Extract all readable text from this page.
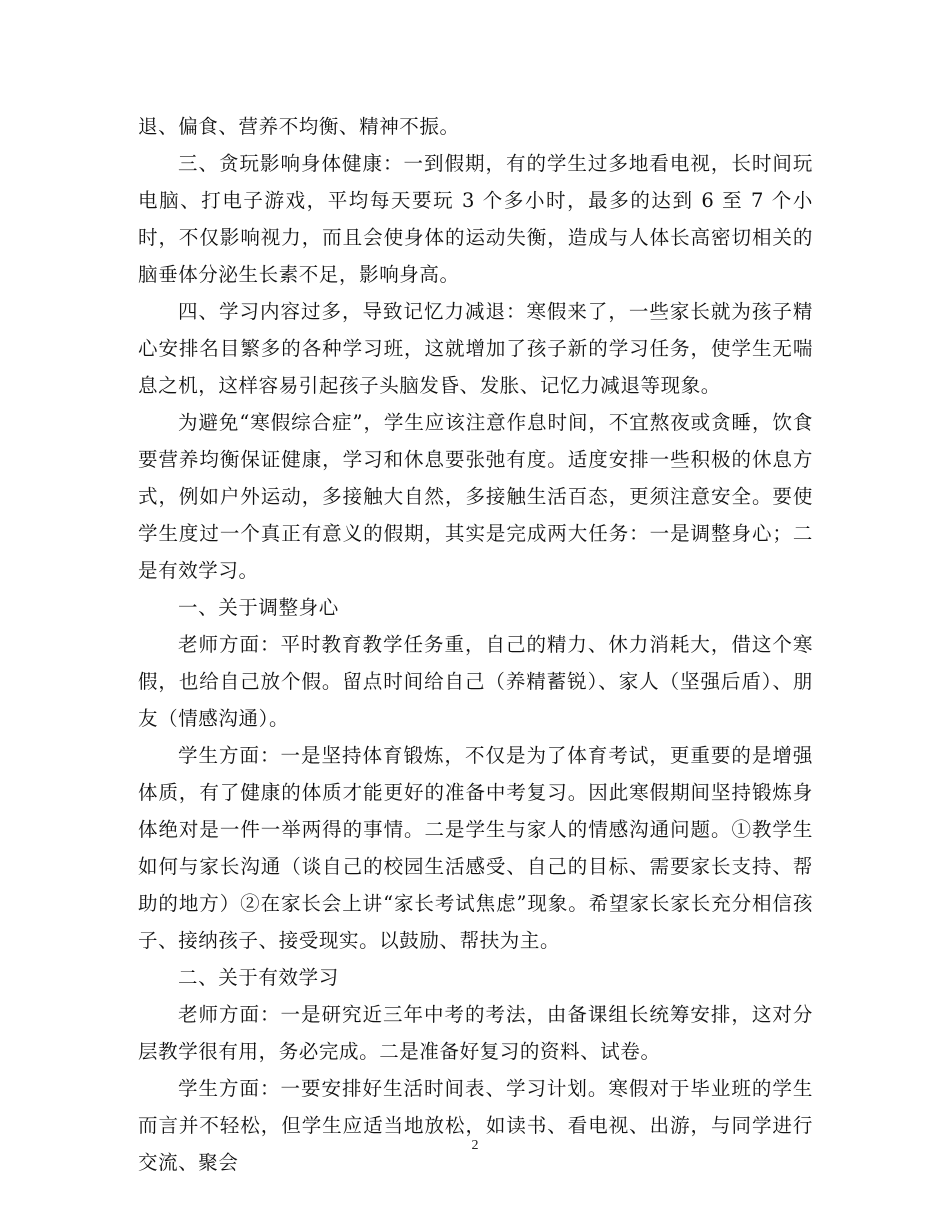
退、偏食、营养不均衡、精神不振。

三、贪玩影响身体健康：一到假期，有的学生过多地看电视，长时间玩电脑、打电子游戏，平均每天要玩 3 个多小时，最多的达到 6 至 7 个小时，不仅影响视力，而且会使身体的运动失衡，造成与人体长高密切相关的脑垂体分泌生长素不足，影响身高。

四、学习内容过多，导致记忆力减退：寒假来了，一些家长就为孩子精心安排名目繁多的各种学习班，这就增加了孩子新的学习任务，使学生无喘息之机，这样容易引起孩子头脑发昏、发胀、记忆力减退等现象。

为避免“寒假综合症”，学生应该注意作息时间，不宜熬夜或贪睡，饮食要营养均衡保证健康，学习和休息要张弛有度。适度安排一些积极的休息方式，例如户外运动，多接触大自然，多接触生活百态，更须注意安全。要使学生度过一个真正有意义的假期，其实是完成两大任务：一是调整身心；二是有效学习。

一、关于调整身心

老师方面：平时教育教学任务重，自己的精力、休力消耗大，借这个寒假，也给自己放个假。留点时间给自己（养精蓄锐）、家人（坚强后盾）、朋友（情感沟通）。

学生方面：一是坚持体育锻炼，不仅是为了体育考试，更重要的是增强体质，有了健康的体质才能更好的准备中考复习。因此寒假期间坚持锻炼身体绝对是一件一举两得的事情。二是学生与家人的情感沟通问题。①教学生如何与家长沟通（谈自己的校园生活感受、自己的目标、需要家长支持、帮助的地方）②在家长会上讲“家长考试焦虑”现象。希望家长家长充分相信孩子、接纳孩子、接受现实。以鼓励、帮扶为主。

二、关于有效学习

老师方面：一是研究近三年中考的考法，由备课组长统筹安排，这对分层教学很有用，务必完成。二是准备好复习的资料、试卷。

学生方面：一要安排好生活时间表、学习计划。寒假对于毕业班的学生而言并不轻松，但学生应适当地放松，如读书、看电视、出游，与同学进行交流、聚会

2
